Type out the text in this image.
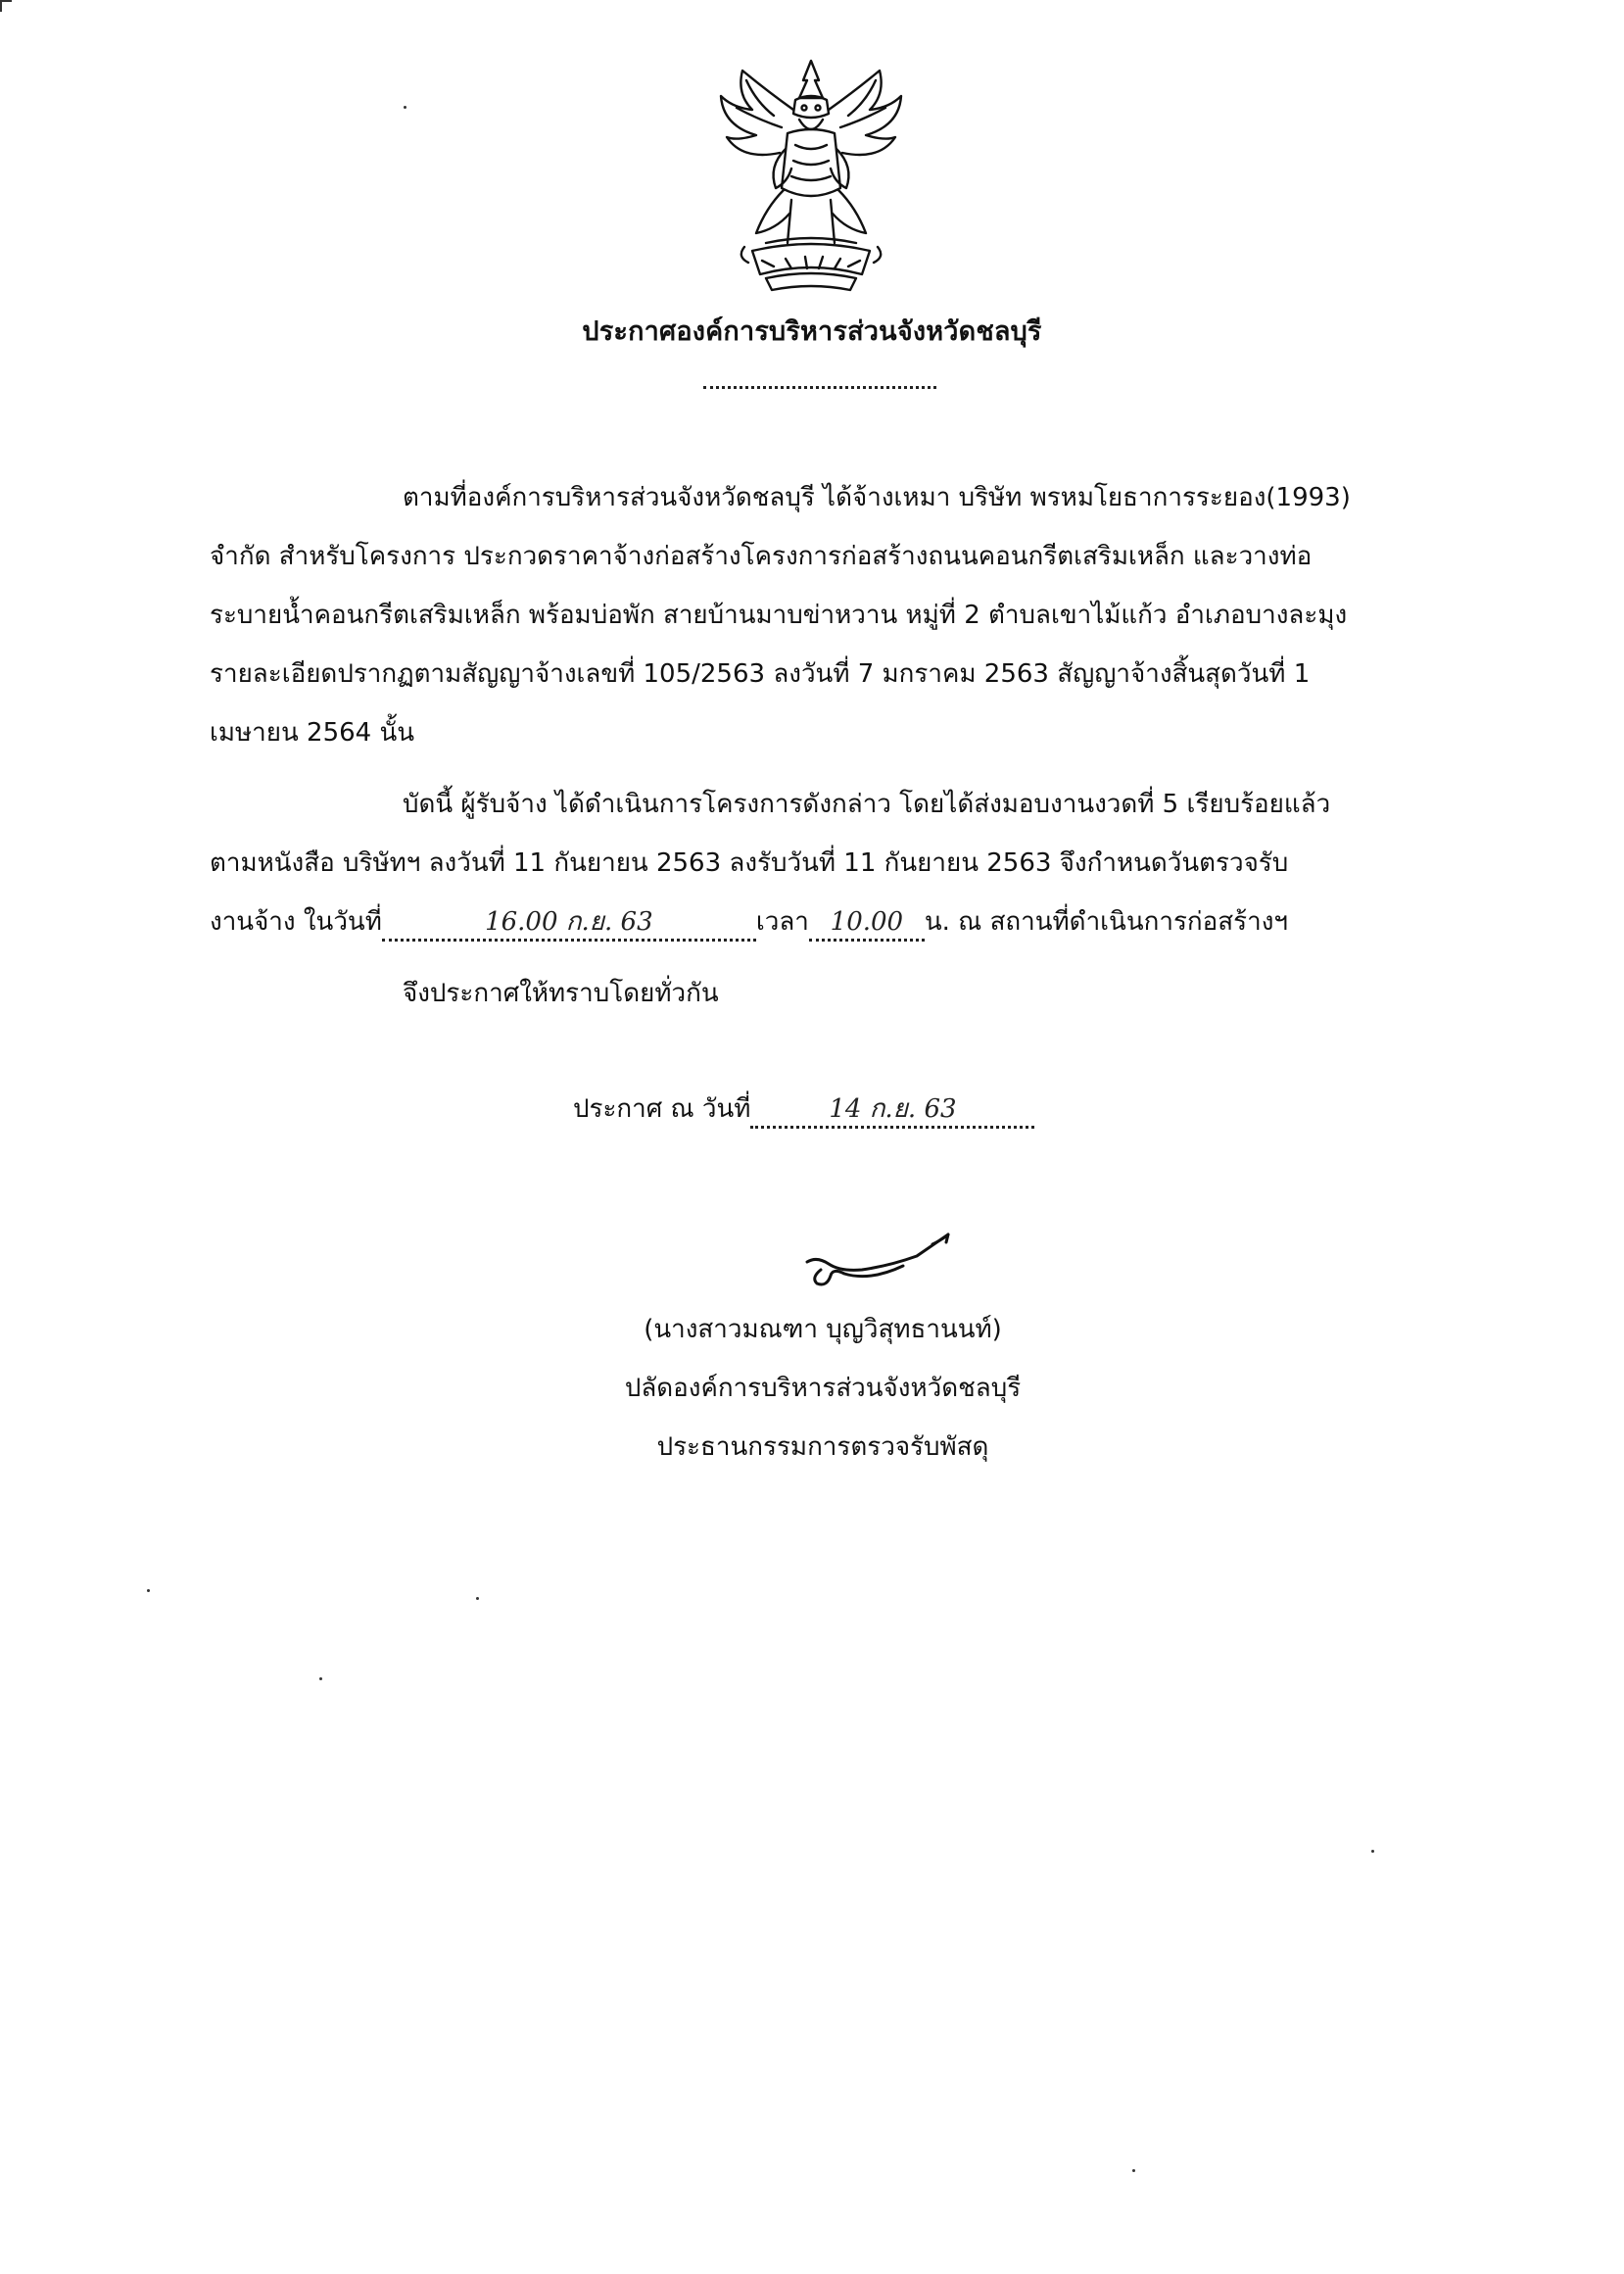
ประกาศองค์การบริหารส่วนจังหวัดชลบุรี
ตามที่องค์การบริหารส่วนจังหวัดชลบุรี ได้จ้างเหมา บริษัท พรหมโยธาการระยอง(1993)
จำกัด สำหรับโครงการ ประกวดราคาจ้างก่อสร้างโครงการก่อสร้างถนนคอนกรีตเสริมเหล็ก และวางท่อ
ระบายน้ำคอนกรีตเสริมเหล็ก พร้อมบ่อพัก สายบ้านมาบข่าหวาน หมู่ที่ 2 ตำบลเขาไม้แก้ว อำเภอบางละมุง
รายละเอียดปรากฏตามสัญญาจ้างเลขที่ 105/2563 ลงวันที่ 7 มกราคม 2563 สัญญาจ้างสิ้นสุดวันที่ 1
เมษายน 2564 นั้น
บัดนี้ ผู้รับจ้าง ได้ดำเนินการโครงการดังกล่าว โดยได้ส่งมอบงานงวดที่ 5 เรียบร้อยแล้ว
ตามหนังสือ บริษัทฯ ลงวันที่ 11 กันยายน 2563 ลงรับวันที่ 11 กันยายน 2563 จึงกำหนดวันตรวจรับ
งานจ้าง ในวันที่	16.00 ก.ย. 63	เวลา 10.00 น. ณ สถานที่ดำเนินการก่อสร้างฯ
จึงประกาศให้ทราบโดยทั่วกัน
ประกาศ ณ วันที่	14 ก.ย. 63
(นางสาวมณฑา บุญวิสุทธานนท์)
ปลัดองค์การบริหารส่วนจังหวัดชลบุรี
ประธานกรรมการตรวจรับพัสดุ
